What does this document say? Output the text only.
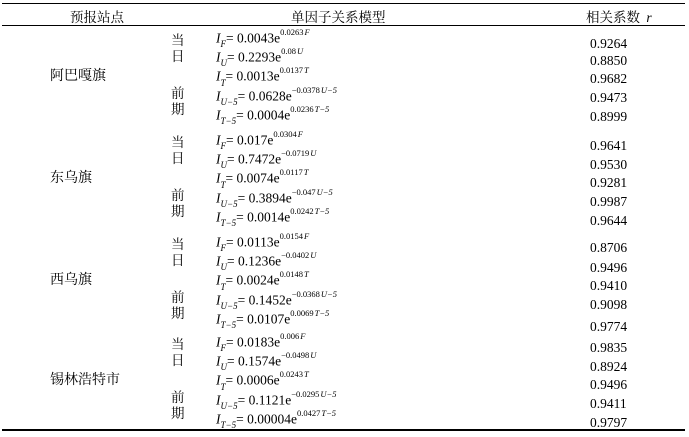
预报站点	单因子关系模型	相关系数 r
阿巴嘎旗
当日
前期
$I_F= 0.0043e^{0.0263F}$
0.9264
$I_U= 0.2293e^{0.08U}$
0.8850
$I_T= 0.0013e^{0.0137T}$
0.9682
$I_{U-5}= 0.0628e^{-0.0378U-5}$
0.9473
$I_{T-5}= 0.0004e^{0.0236T-5}$
0.8999
东乌旗
当日
前期
$I_F= 0.017e^{0.0304F}$
0.9641
$I_U= 0.7472e^{-0.0719U}$
0.9530
$I_T= 0.0074e^{0.0117T}$
0.9281
$I_{U-5}= 0.3894e^{-0.047U-5}$
0.9987
$I_{T-5}= 0.0014e^{0.0242T-5}$
0.9644
西乌旗
当日
前期
$I_F= 0.0113e^{0.0154F}$
0.8706
$I_U= 0.1236e^{-0.0402U}$
0.9496
$I_T= 0.0024e^{0.0148T}$
0.9410
$I_{U-5}= 0.1452e^{-0.0368U-5}$
0.9098
$I_{T-5}= 0.0107e^{0.0069T-5}$
0.9774
锡林浩特市
当日
前期
$I_F= 0.0183e^{0.006F}$
0.9835
$I_U= 0.1574e^{-0.0498U}$
0.8924
$I_T= 0.0006e^{0.0243T}$
0.9496
$I_{U-5}= 0.1121e^{-0.0295U-5}$
0.9411
$I_{T-5}= 0.00004e^{0.0427T-5}$
0.9797
